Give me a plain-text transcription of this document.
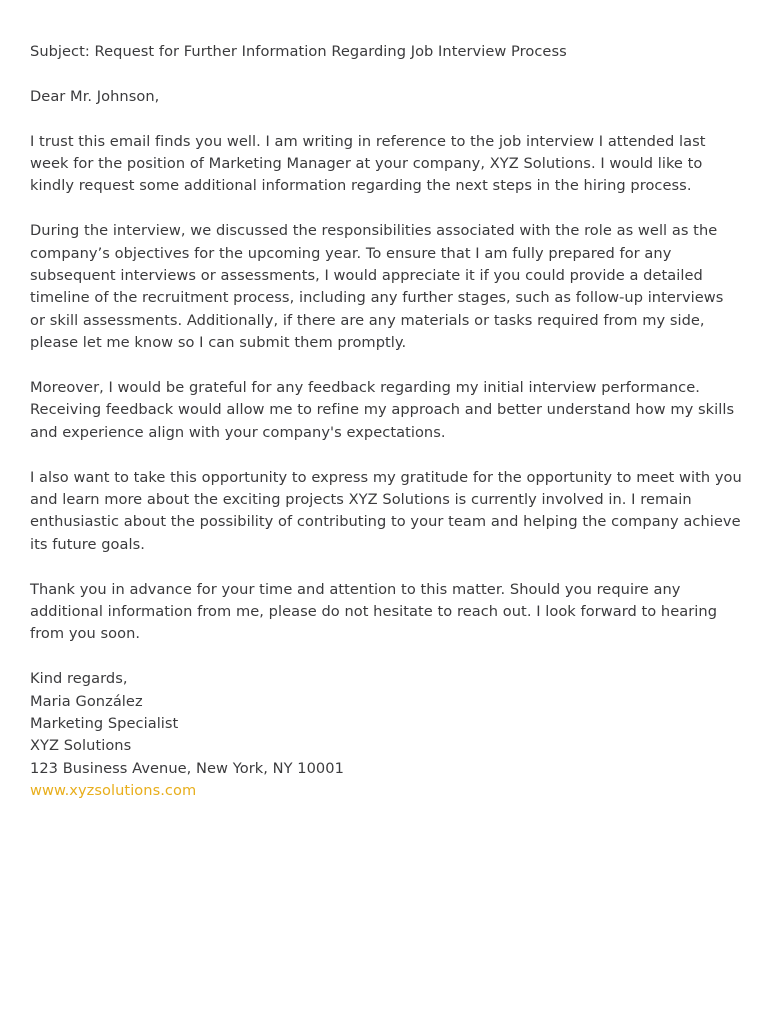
Subject: Request for Further Information Regarding Job Interview Process

Dear Mr. Johnson,

I trust this email finds you well. I am writing in reference to the job interview I attended last week for the position of Marketing Manager at your company, XYZ Solutions. I would like to kindly request some additional information regarding the next steps in the hiring process.

During the interview, we discussed the responsibilities associated with the role as well as the company’s objectives for the upcoming year. To ensure that I am fully prepared for any subsequent interviews or assessments, I would appreciate it if you could provide a detailed timeline of the recruitment process, including any further stages, such as follow-up interviews or skill assessments. Additionally, if there are any materials or tasks required from my side, please let me know so I can submit them promptly.

Moreover, I would be grateful for any feedback regarding my initial interview performance. Receiving feedback would allow me to refine my approach and better understand how my skills and experience align with your company's expectations.

I also want to take this opportunity to express my gratitude for the opportunity to meet with you and learn more about the exciting projects XYZ Solutions is currently involved in. I remain enthusiastic about the possibility of contributing to your team and helping the company achieve its future goals.

Thank you in advance for your time and attention to this matter. Should you require any additional information from me, please do not hesitate to reach out. I look forward to hearing from you soon.

Kind regards,
Maria González
Marketing Specialist
XYZ Solutions
123 Business Avenue, New York, NY 10001
www.xyzsolutions.com
